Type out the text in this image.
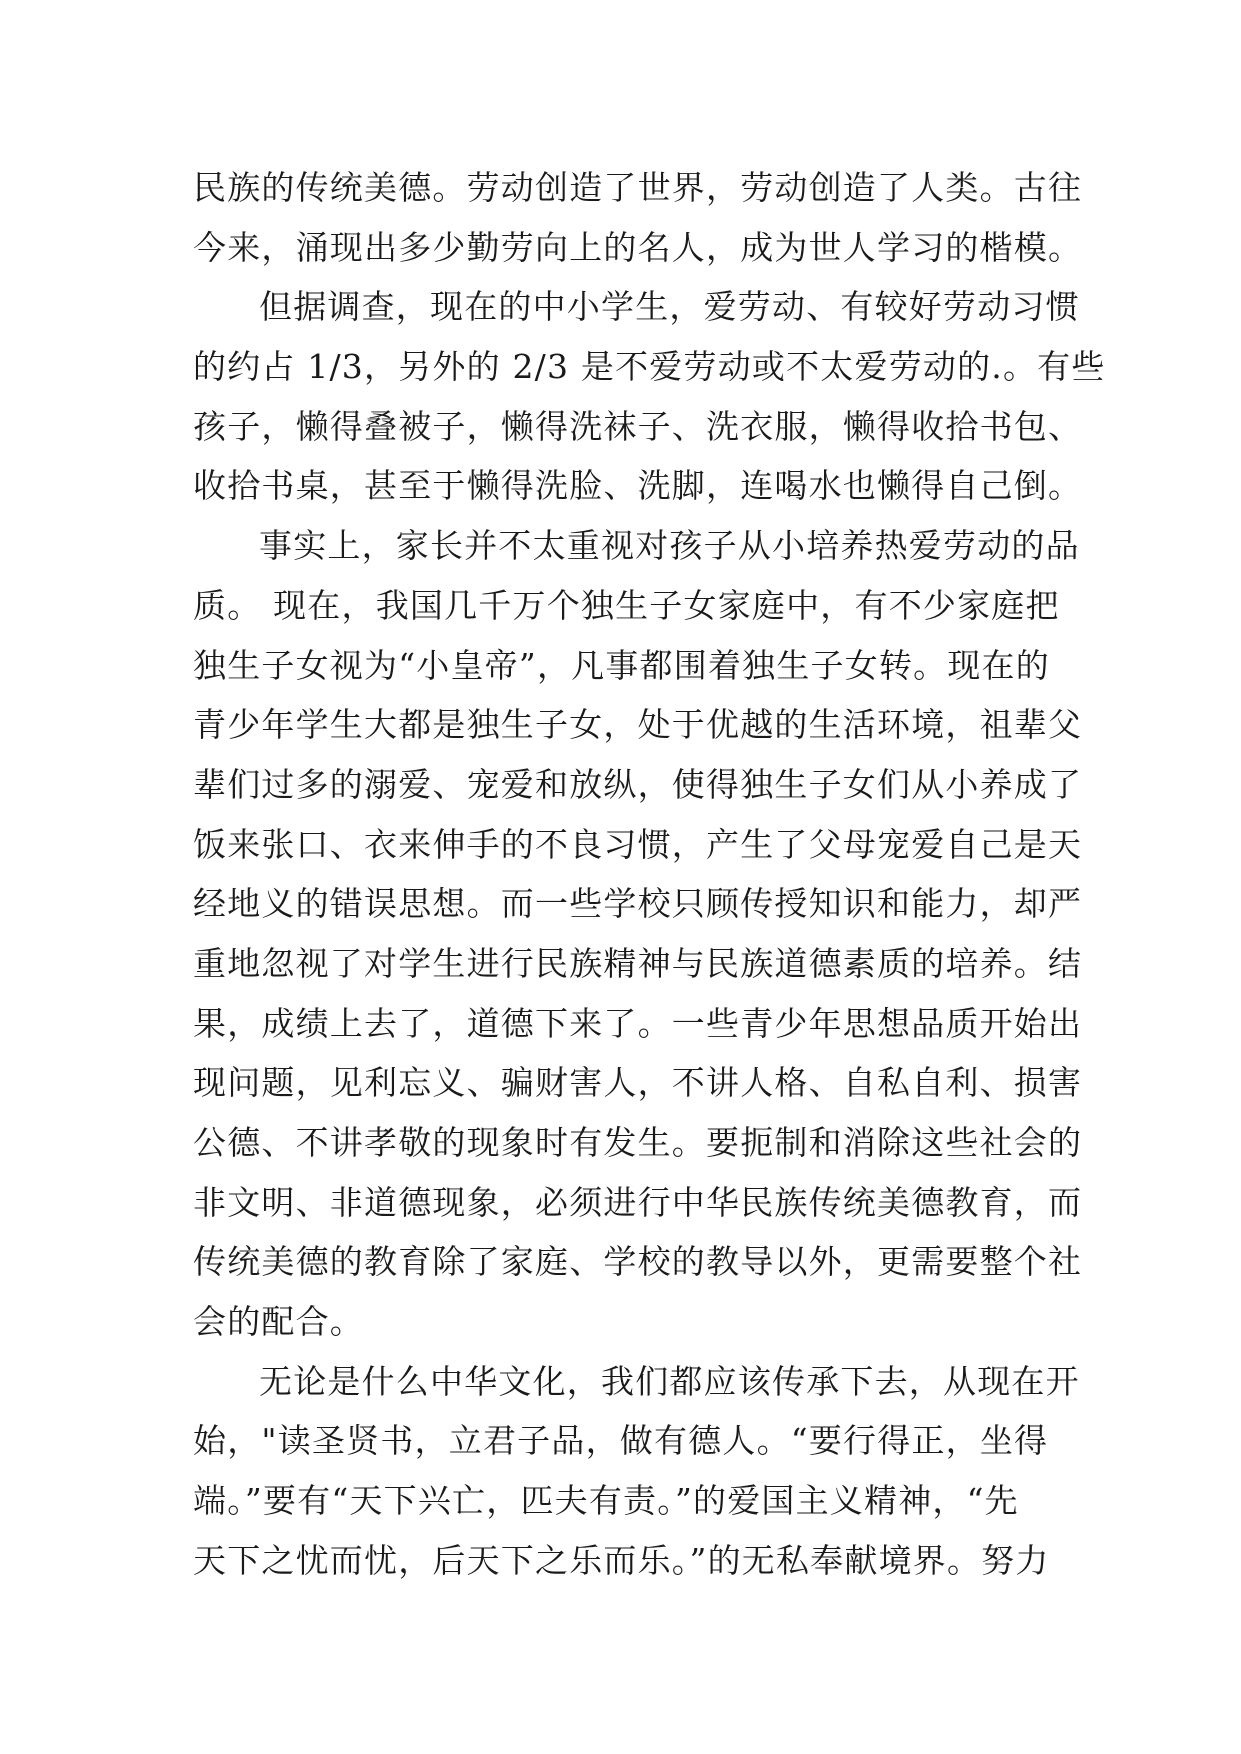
民族的传统美德。劳动创造了世界，劳动创造了人类。古往
今来，涌现出多少勤劳向上的名人，成为世人学习的楷模。
但据调查，现在的中小学生，爱劳动、有较好劳动习惯
的约占 1/3，另外的 2/3 是不爱劳动或不太爱劳动的.。有些
孩子，懒得叠被子，懒得洗袜子、洗衣服，懒得收拾书包、
收拾书桌，甚至于懒得洗脸、洗脚，连喝水也懒得自己倒。
事实上，家长并不太重视对孩子从小培养热爱劳动的品
质。 现在，我国几千万个独生子女家庭中，有不少家庭把
独生子女视为“小皇帝”，凡事都围着独生子女转。现在的
青少年学生大都是独生子女，处于优越的生活环境，祖辈父
辈们过多的溺爱、宠爱和放纵，使得独生子女们从小养成了
饭来张口、衣来伸手的不良习惯，产生了父母宠爱自己是天
经地义的错误思想。而一些学校只顾传授知识和能力，却严
重地忽视了对学生进行民族精神与民族道德素质的培养。结
果，成绩上去了，道德下来了。一些青少年思想品质开始出
现问题，见利忘义、骗财害人，不讲人格、自私自利、损害
公德、不讲孝敬的现象时有发生。要扼制和消除这些社会的
非文明、非道德现象，必须进行中华民族传统美德教育，而
传统美德的教育除了家庭、学校的教导以外，更需要整个社
会的配合。
无论是什么中华文化，我们都应该传承下去，从现在开
始，"读圣贤书，立君子品，做有德人。“要行得正，坐得
端。”要有“天下兴亡，匹夫有责。”的爱国主义精神，“先
天下之忧而忧，后天下之乐而乐。”的无私奉献境界。努力
